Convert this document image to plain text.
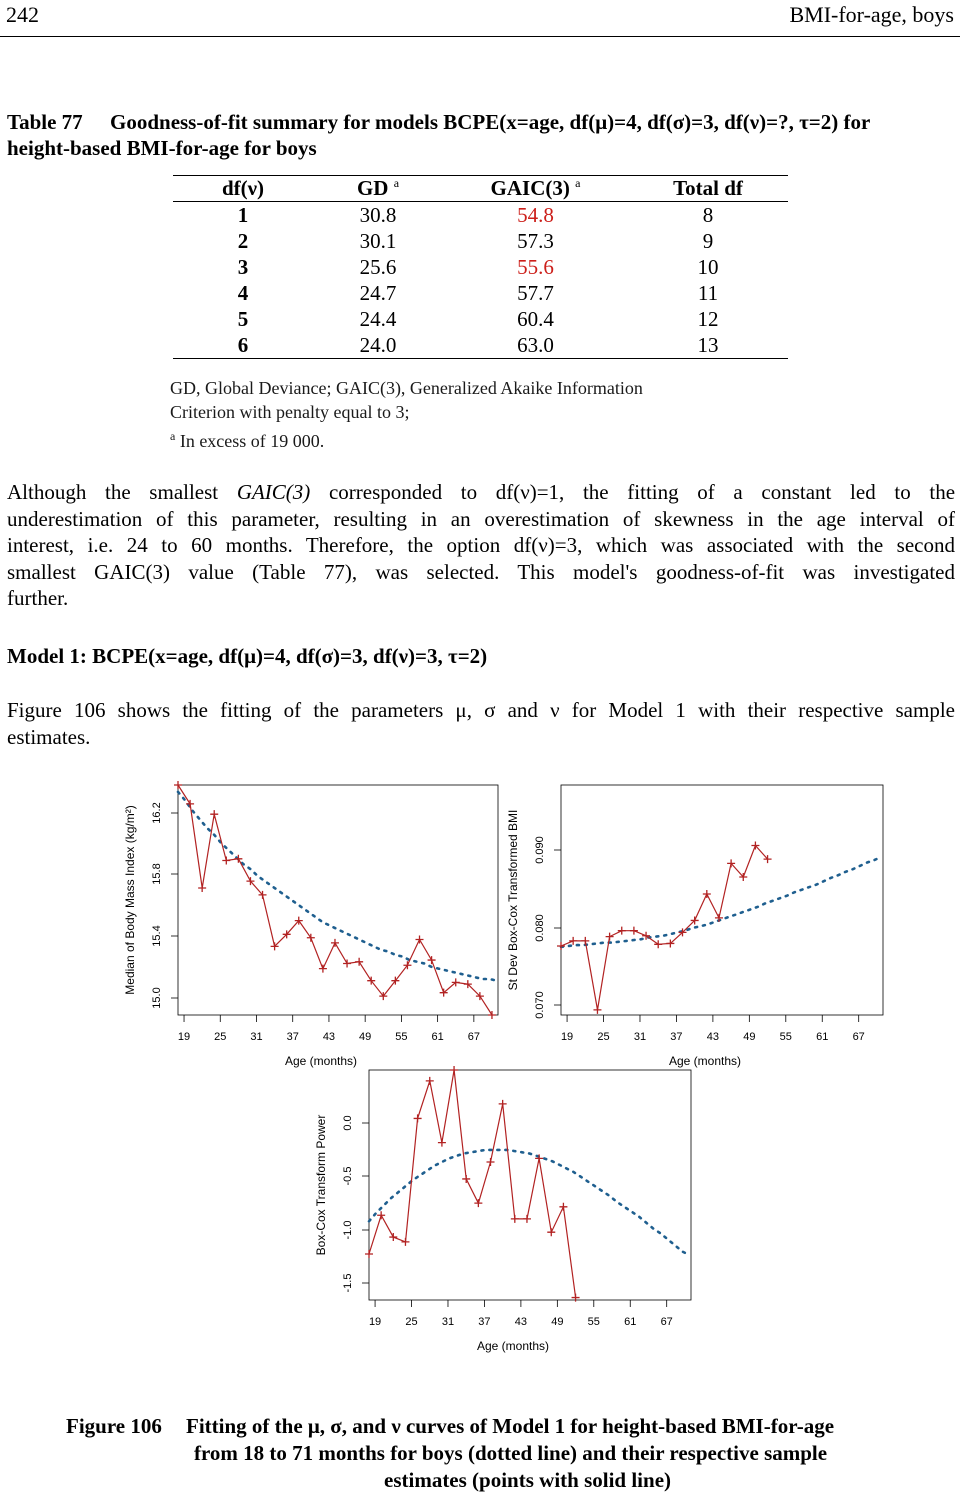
242	BMI-for-age, boys
Table 77	Goodness-of-fit summary for models BCPE(x=age, df(μ)=4, df(σ)=3, df(ν)=?, τ=2) for
height-based BMI-for-age for boys
df(ν)	GD $^a$	GAIC(3) $^a$	Total df
1	30.8	54.8	8
2	30.1	57.3	9
3	25.6	55.6	10
4	24.7	57.7	11
5	24.4	60.4	12
6	24.0	63.0	13
GD, Global Deviance; GAIC(3), Generalized Akaike Information
Criterion with penalty equal to 3;
$^a$ In excess of 19 000.
Although the smallest GAIC(3) corresponded to df(ν)=1, the fitting of a constant led to the
underestimation of this parameter, resulting in an overestimation of skewness in the age interval of
interest, i.e. 24 to 60 months. Therefore, the option df(ν)=3, which was associated with the second
smallest GAIC(3) value (Table 77), was selected. This model's goodness-of-fit was investigated
further.
Model 1: BCPE(x=age, df(μ)=4, df(σ)=3, df(ν)=3, τ=2)
Figure 106 shows the fitting of the parameters μ, σ and ν for Model 1 with their respective sample
estimates.
19 25 31 37 43 49 55 61 67
Age (months)
15.0
15.4
15.8
16.2
Median of Body Mass Index (kg/m²)
19 25 31 37 43 49 55 61 67
Age (months)
0.070
0.080
0.090
St Dev Box-Cox Transformed BMI
19 25 31 37 43 49 55 61 67
Age (months)
-1.5
-1.0
-0.5
0.0
Box-Cox Transform Power
Figure 106	Fitting of the μ, σ, and ν curves of Model 1 for height-based BMI-for-age
from 18 to 71 months for boys (dotted line) and their respective sample
estimates (points with solid line)
